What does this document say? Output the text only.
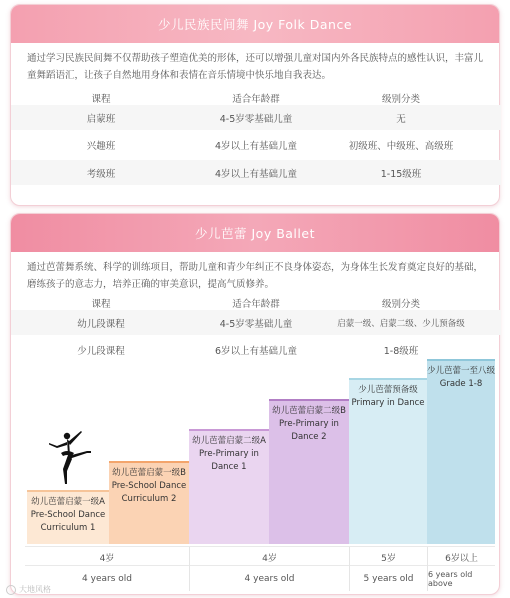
少儿民族民间舞 Joy Folk Dance
通过学习民族民间舞不仅帮助孩子塑造优美的形体，还可以增强儿童对国内外各民族特点的感性认识，丰富儿童舞蹈语汇，让孩子自然地用身体和表情在音乐情境中快乐地自我表达。
课程	适合年龄群	级别分类
启蒙班	4-5岁零基础儿童	无
兴趣班	4岁以上有基础儿童	初级班、中级班、高级班
考级班	4岁以上有基础儿童	1-15级班
少儿芭蕾 Joy Ballet
通过芭蕾舞系统、科学的训练项目，帮助儿童和青少年纠正不良身体姿态，为身体生长发育奠定良好的基础，磨练孩子的意志力，培养正确的审美意识，提高气质修养。
课程	适合年龄群	级别分类
幼儿段课程	4-5岁零基础儿童	启蒙一级、启蒙二级、少儿预备级
少儿段课程	6岁以上有基础儿童	1-8级班
幼儿芭蕾启蒙一级A
Pre-School Dance Curriculum 1
幼儿芭蕾启蒙一级B
Pre-School Dance Curriculum 2
幼儿芭蕾启蒙二级A
Pre-Primary in Dance 1
幼儿芭蕾启蒙二级B
Pre-Primary in Dance 2
少儿芭蕾预备级
Primary in Dance
少儿芭蕾一至八级
Grade 1-8
4岁	4岁	5岁	6岁以上
4 years old	4 years old	5 years old	6 years old above
大地风格
